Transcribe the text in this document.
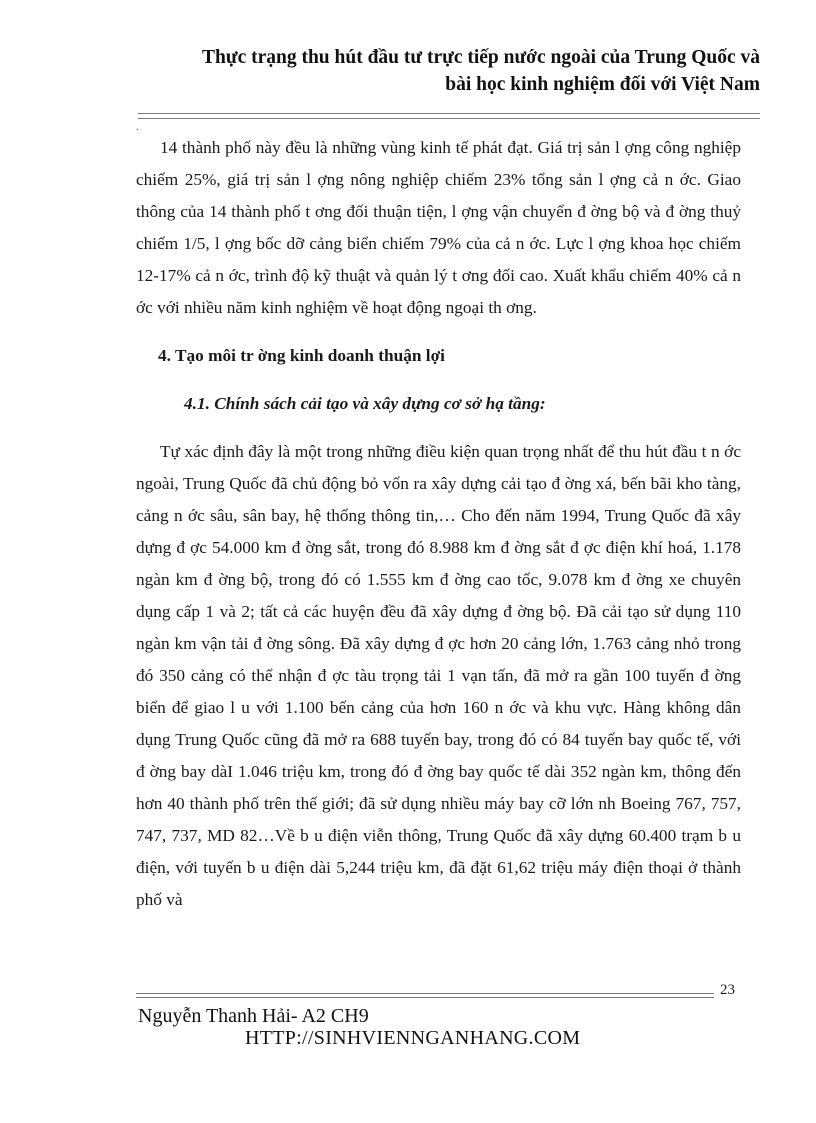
Thực trạng thu hút đầu tư trực tiếp nước ngoài của Trung Quốc và
bài học kinh nghiệm đối với Việt Nam
.

14 thành phố này đều là những vùng kinh tế phát đạt. Giá trị sản l ợng công nghiệp chiếm 25%, giá trị sản l ợng nông nghiệp chiếm 23% tổng sản l ợng cả n ớc. Giao thông của 14 thành phố t ơng đối thuận tiện, l ợng vận chuyển đ ờng bộ và đ ờng thuỷ chiếm 1/5, l ợng bốc dỡ cảng biển chiếm 79% của cả n ớc. Lực l ợng khoa học chiếm 12-17% cả n ớc, trình độ kỹ thuật và quản lý t ơng đối cao. Xuất khẩu chiếm 40% cả n ớc với nhiều năm kinh nghiệm về hoạt động ngoại th ơng.

4. Tạo môi tr ờng kinh doanh thuận lợi

4.1. Chính sách cải tạo và xây dựng cơ sở hạ tầng:

Tự xác định đây là một trong những điều kiện quan trọng nhất để thu hút đầu t n ớc ngoài, Trung Quốc đã chủ động bỏ vốn ra xây dựng cải tạo đ ờng xá, bến bãi kho tàng, cảng n ớc sâu, sân bay, hệ thống thông tin,… Cho đến năm 1994, Trung Quốc đã xây dựng đ ợc 54.000 km đ ờng sắt, trong đó 8.988 km đ ờng sắt đ ợc điện khí hoá, 1.178 ngàn km đ ờng bộ, trong đó có 1.555 km đ ờng cao tốc, 9.078 km đ ờng xe chuyên dụng cấp 1 và 2; tất cả các huyện đều đã xây dựng đ ờng bộ. Đã cải tạo sử dụng 110 ngàn km vận tải đ ờng sông. Đã xây dựng đ ợc hơn 20 cảng lớn, 1.763 cảng nhỏ trong đó 350 cảng có thể nhận đ ợc tàu trọng tải 1 vạn tấn, đã mở ra gần 100 tuyến đ ờng biển để giao l u với 1.100 bến cảng của hơn 160 n ớc và khu vực. Hàng không dân dụng Trung Quốc cũng đã mở ra 688 tuyến bay, trong đó có 84 tuyến bay quốc tế, với đ ờng bay dàI 1.046 triệu km, trong đó đ ờng bay quốc tế dài 352 ngàn km, thông đến hơn 40 thành phố trên thế giới; đã sử dụng nhiều máy bay cỡ lớn nh Boeing 767, 757, 747, 737, MD 82…Về b u điện viễn thông, Trung Quốc đã xây dựng 60.400 trạm b u điện, với tuyến b u điện dài 5,244 triệu km, đã đặt 61,62 triệu máy điện thoại ở thành phố và

23
Nguyễn Thanh Hải- A2 CH9
HTTP://SINHVIENNGANHANG.COM
